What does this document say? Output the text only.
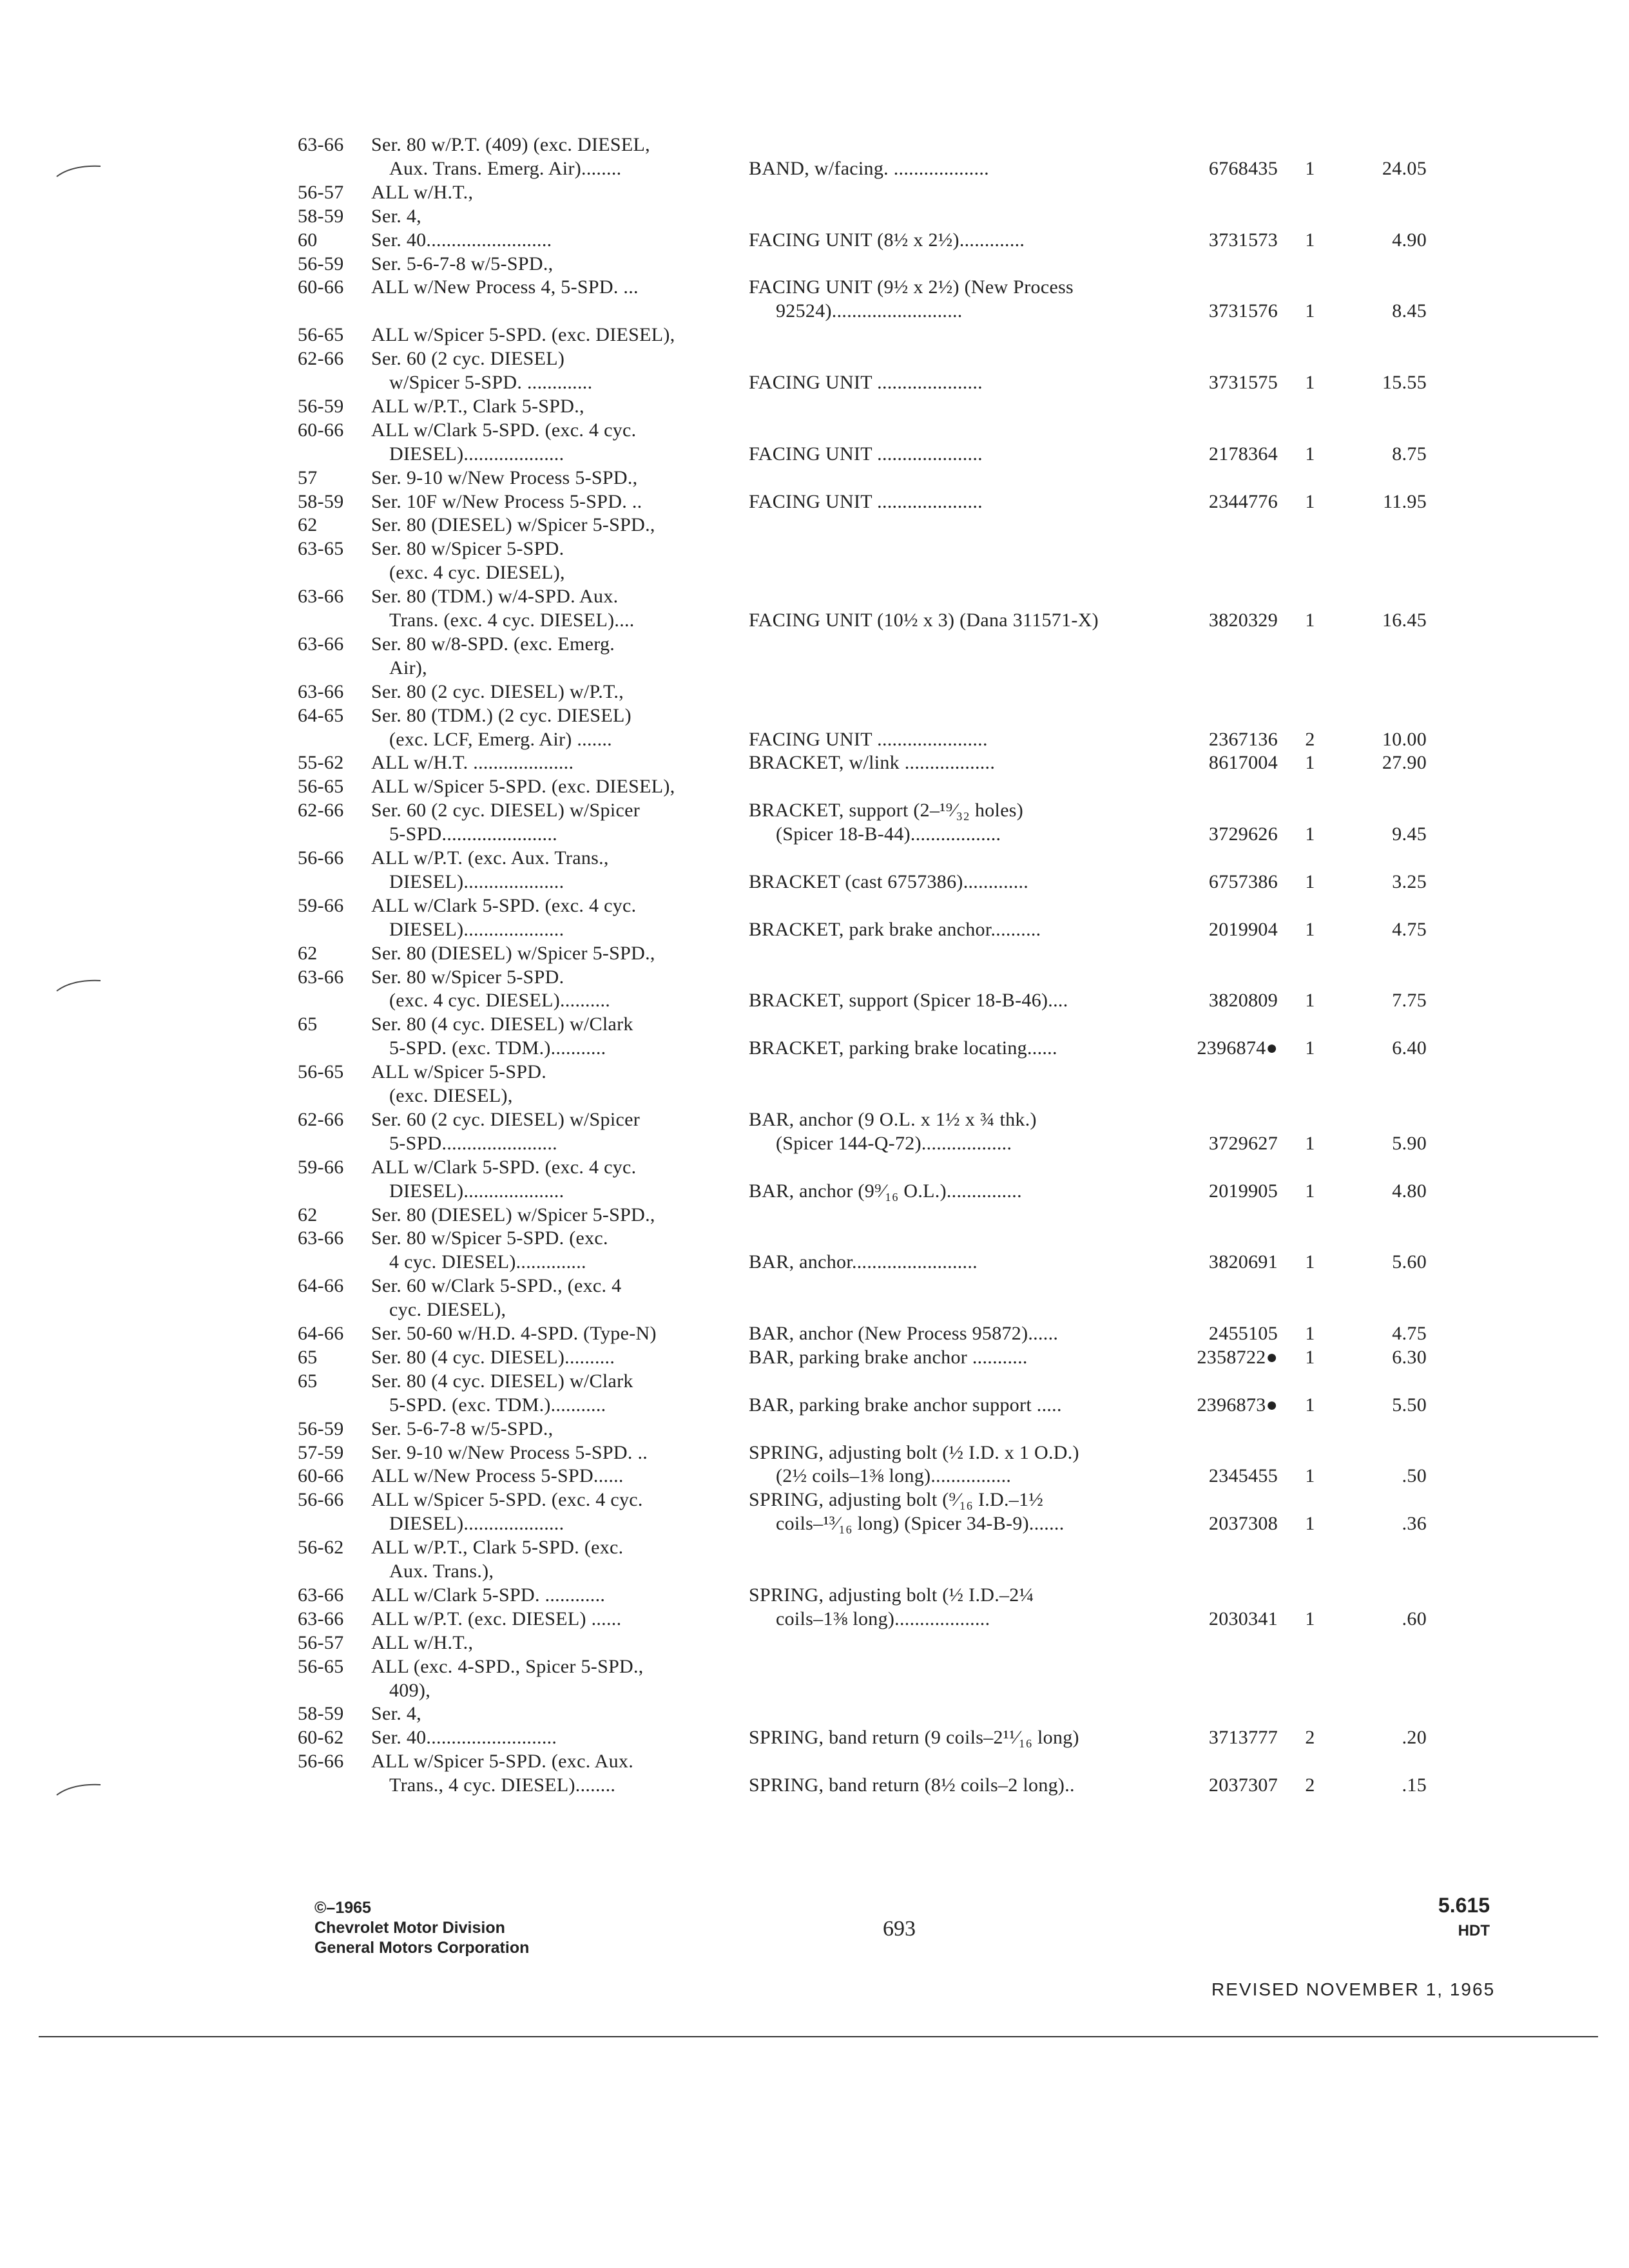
63-66 Ser. 80 w/P.T. (409) (exc. DIESEL,
Aux. Trans. Emerg. Air)........	BAND, w/facing. ...................	6768435	1	24.05
56-57 ALL w/H.T.,
58-59 Ser. 4,
60	Ser. 40.........................	FACING UNIT (8½ x 2½).............	3731573	1	4.90
56-59 Ser. 5-6-7-8 w/5-SPD.,
60-66 ALL w/New Process 4, 5-SPD. ...	FACING UNIT (9½ x 2½) (New Process
92524)..........................	3731576	1	8.45
56-65 ALL w/Spicer 5-SPD. (exc. DIESEL),
62-66 Ser. 60 (2 cyc. DIESEL)
w/Spicer 5-SPD. .............	FACING UNIT .....................	3731575	1	15.55
56-59 ALL w/P.T., Clark 5-SPD.,
60-66 ALL w/Clark 5-SPD. (exc. 4 cyc.
DIESEL)....................	FACING UNIT .....................	2178364	1	8.75
57	Ser. 9-10 w/New Process 5-SPD.,
58-59 Ser. 10F w/New Process 5-SPD. ..	FACING UNIT .....................	2344776	1	11.95
62	Ser. 80 (DIESEL) w/Spicer 5-SPD.,
63-65 Ser. 80 w/Spicer 5-SPD.
(exc. 4 cyc. DIESEL),
63-66 Ser. 80 (TDM.) w/4-SPD. Aux.
Trans. (exc. 4 cyc. DIESEL)....	FACING UNIT (10½ x 3) (Dana 311571-X)	3820329	1	16.45
63-66 Ser. 80 w/8-SPD. (exc. Emerg.
Air),
63-66 Ser. 80 (2 cyc. DIESEL) w/P.T.,
64-65 Ser. 80 (TDM.) (2 cyc. DIESEL)
(exc. LCF, Emerg. Air) .......	FACING UNIT ......................	2367136	2	10.00
55-62 ALL w/H.T. ....................	BRACKET, w/link ..................	8617004	1	27.90
56-65 ALL w/Spicer 5-SPD. (exc. DIESEL),
62-66 Ser. 60 (2 cyc. DIESEL) w/Spicer	BRACKET, support (2–¹⁹⁄₃₂ holes)
5-SPD.......................	(Spicer 18-B-44)..................	3729626	1	9.45
56-66 ALL w/P.T. (exc. Aux. Trans.,
DIESEL)....................	BRACKET (cast 6757386).............	6757386	1	3.25
59-66 ALL w/Clark 5-SPD. (exc. 4 cyc.
DIESEL)....................	BRACKET, park brake anchor..........	2019904	1	4.75
62	Ser. 80 (DIESEL) w/Spicer 5-SPD.,
63-66 Ser. 80 w/Spicer 5-SPD.
(exc. 4 cyc. DIESEL)..........	BRACKET, support (Spicer 18-B-46)....	3820809	1	7.75
65	Ser. 80 (4 cyc. DIESEL) w/Clark
5-SPD. (exc. TDM.)...........	BRACKET, parking brake locating......	2396874●	1	6.40
56-65 ALL w/Spicer 5-SPD.
(exc. DIESEL),
62-66 Ser. 60 (2 cyc. DIESEL) w/Spicer	BAR, anchor (9 O.L. x 1½ x ¾ thk.)
5-SPD.......................	(Spicer 144-Q-72)..................	3729627	1	5.90
59-66 ALL w/Clark 5-SPD. (exc. 4 cyc.
DIESEL)....................	BAR, anchor (9⁹⁄₁₆ O.L.)...............	2019905	1	4.80
62	Ser. 80 (DIESEL) w/Spicer 5-SPD.,
63-66 Ser. 80 w/Spicer 5-SPD. (exc.
4 cyc. DIESEL)..............	BAR, anchor.........................	3820691	1	5.60
64-66 Ser. 60 w/Clark 5-SPD., (exc. 4
cyc. DIESEL),
64-66 Ser. 50-60 w/H.D. 4-SPD. (Type-N)	BAR, anchor (New Process 95872)......	2455105	1	4.75
65	Ser. 80 (4 cyc. DIESEL)..........	BAR, parking brake anchor ...........	2358722●	1	6.30
65	Ser. 80 (4 cyc. DIESEL) w/Clark
5-SPD. (exc. TDM.)...........	BAR, parking brake anchor support .....	2396873●	1	5.50
56-59 Ser. 5-6-7-8 w/5-SPD.,
57-59 Ser. 9-10 w/New Process 5-SPD. ..	SPRING, adjusting bolt (½ I.D. x 1 O.D.)
60-66 ALL w/New Process 5-SPD......	(2½ coils–1⅜ long)................	2345455	1	.50
56-66 ALL w/Spicer 5-SPD. (exc. 4 cyc.	SPRING, adjusting bolt (⁹⁄₁₆ I.D.–1½
DIESEL)....................	coils–¹³⁄₁₆ long) (Spicer 34-B-9).......	2037308	1	.36
56-62 ALL w/P.T., Clark 5-SPD. (exc.
Aux. Trans.),
63-66 ALL w/Clark 5-SPD. ............	SPRING, adjusting bolt (½ I.D.–2¼
63-66 ALL w/P.T. (exc. DIESEL) ......	coils–1⅜ long)...................	2030341	1	.60
56-57 ALL w/H.T.,
56-65 ALL (exc. 4-SPD., Spicer 5-SPD.,
409),
58-59 Ser. 4,
60-62 Ser. 40..........................	SPRING, band return (9 coils–2¹¹⁄₁₆ long)	3713777	2	.20
56-66 ALL w/Spicer 5-SPD. (exc. Aux.
Trans., 4 cyc. DIESEL)........	SPRING, band return (8½ coils–2 long)..	2037307	2	.15
©–1965
Chevrolet Motor Division
General Motors Corporation
693
5.615
HDT
REVISED NOVEMBER 1, 1965
